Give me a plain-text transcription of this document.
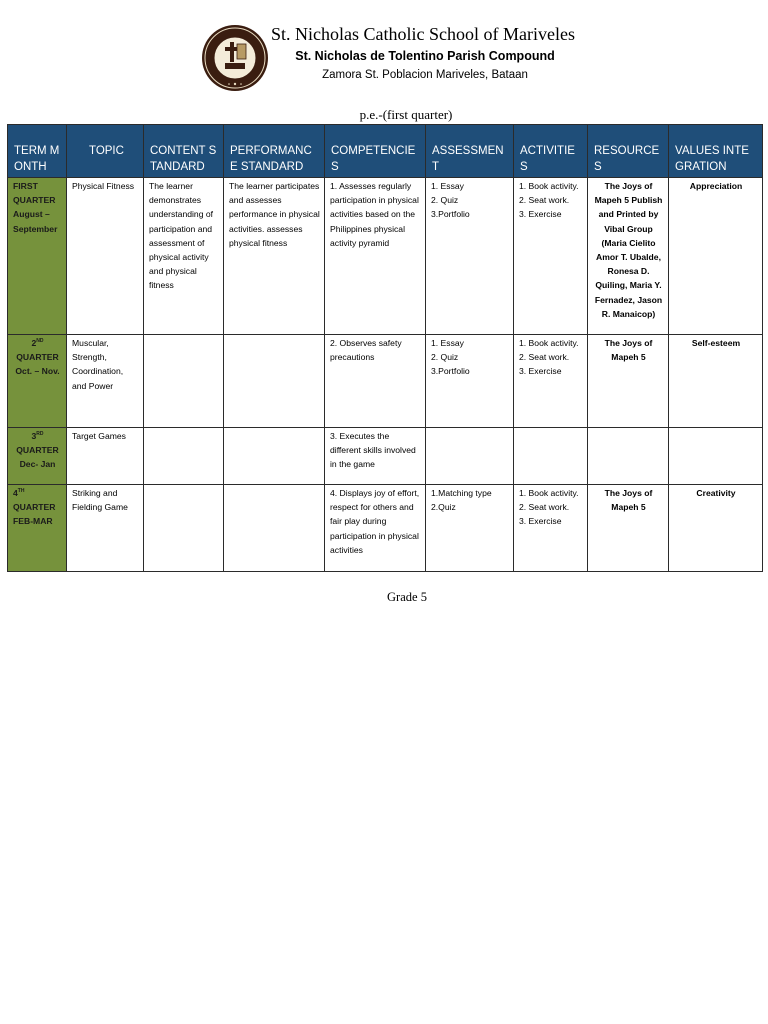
St. Nicholas Catholic School of Mariveles
St. Nicholas de Tolentino Parish Compound
Zamora St. Poblacion Mariveles, Bataan
p.e.-(first quarter)
TERM MONTH	TOPIC	CONTENT STANDARD	PERFORMANCE STANDARD	COMPETENCIES	ASSESSMENT	ACTIVITIES	RESOURCES	VALUES INTEGRATION
FIRST QUARTER August – September	Physical Fitness	The learner demonstrates understanding of participation and assessment of physical activity and physical fitness	The learner participates and assesses performance in physical activities. assesses physical fitness	1. Assesses regularly participation in physical activities based on the Philippines physical activity pyramid	1. Essay
2. Quiz
3.Portfolio	1. Book activity.
2. Seat work.
3. Exercise	The Joys of Mapeh 5 Publish and Printed by Vibal Group (Maria Cielito Amor T. Ubalde, Ronesa D. Quiling, Maria Y. Fernadez, Jason R. Manaicop)	Appreciation
2ND QUARTER Oct. – Nov.	Muscular, Strength, Coordination, and Power			2. Observes safety precautions	1. Essay
2. Quiz
3.Portfolio	1. Book activity.
2. Seat work.
3. Exercise	The Joys of Mapeh 5	Self-esteem
3RD QUARTER Dec- Jan	Target Games			3. Executes the different skills involved in the game				
4TH QUARTER FEB-MAR	Striking and Fielding Game			4. Displays joy of effort, respect for others and fair play during participation in physical activities	1.Matching type
2.Quiz	1. Book activity.
2. Seat work.
3. Exercise	The Joys of Mapeh 5	Creativity
Grade 5
